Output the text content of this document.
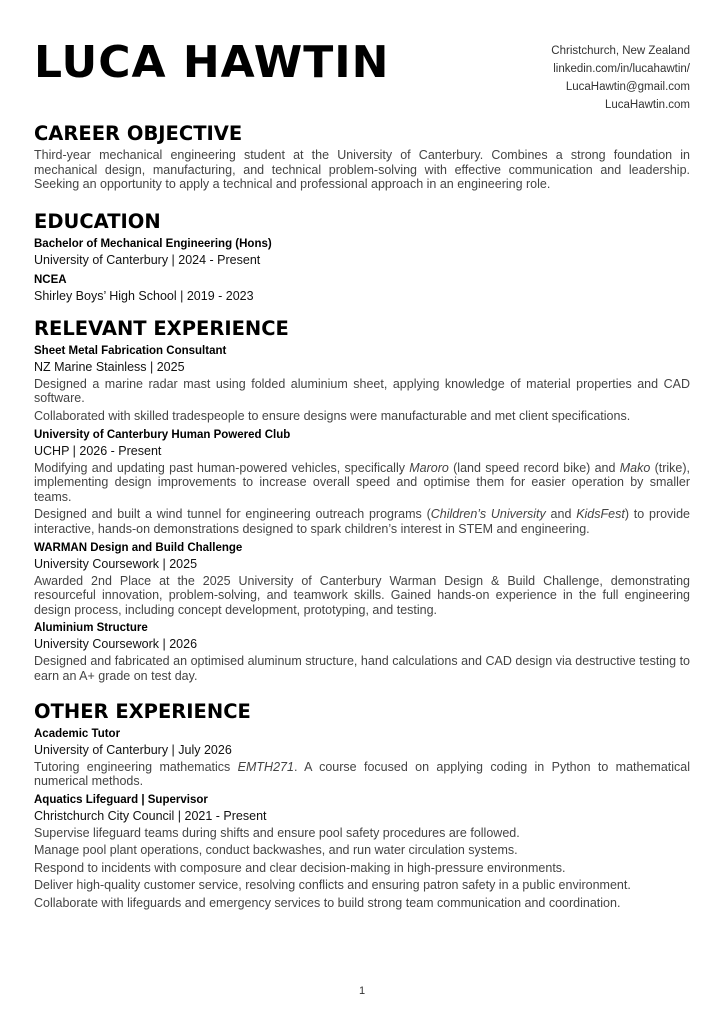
LUCA HAWTIN	Christchurch, New Zealand
linkedin.com/in/lucahawtin/
LucaHawtin@gmail.com
LucaHawtin.com
CAREER OBJECTIVE

Third-year mechanical engineering student at the University of Canterbury. Combines a strong foundation in mechanical design, manufacturing, and technical problem-solving with effective communication and leadership. Seeking an opportunity to apply a technical and professional approach in an engineering role.

EDUCATION
Bachelor of Mechanical Engineering (Hons)
University of Canterbury | 2024 - Present
NCEA
Shirley Boys’ High School | 2019 - 2023
RELEVANT EXPERIENCE
Sheet Metal Fabrication Consultant
NZ Marine Stainless | 2025

Designed a marine radar mast using folded aluminium sheet, applying knowledge of material properties and CAD software.

Collaborated with skilled tradespeople to ensure designs were manufacturable and met client specifications.

University of Canterbury Human Powered Club
UCHP | 2026 - Present

Modifying and updating past human-powered vehicles, specifically Maroro (land speed record bike) and Mako (trike), implementing design improvements to increase overall speed and optimise them for easier operation by smaller teams.

Designed and built a wind tunnel for engineering outreach programs (Children’s University and KidsFest) to provide interactive, hands-on demonstrations designed to spark children’s interest in STEM and engineering.

WARMAN Design and Build Challenge
University Coursework | 2025

Awarded 2nd Place at the 2025 University of Canterbury Warman Design & Build Challenge, demonstrating resourceful innovation, problem-solving, and teamwork skills. Gained hands-on experience in the full engineering design process, including concept development, prototyping, and testing.

Aluminium Structure
University Coursework | 2026

Designed and fabricated an optimised aluminum structure, hand calculations and CAD design via destructive testing to earn an A+ grade on test day.

OTHER EXPERIENCE
Academic Tutor
University of Canterbury | July 2026

Tutoring engineering mathematics EMTH271. A course focused on applying coding in Python to mathematical numerical methods.

Aquatics Lifeguard | Supervisor
Christchurch City Council | 2021 - Present

Supervise lifeguard teams during shifts and ensure pool safety procedures are followed.

Manage pool plant operations, conduct backwashes, and run water circulation systems.

Respond to incidents with composure and clear decision-making in high-pressure environments.

Deliver high-quality customer service, resolving conflicts and ensuring patron safety in a public environment.

Collaborate with lifeguards and emergency services to build strong team communication and coordination.

1
